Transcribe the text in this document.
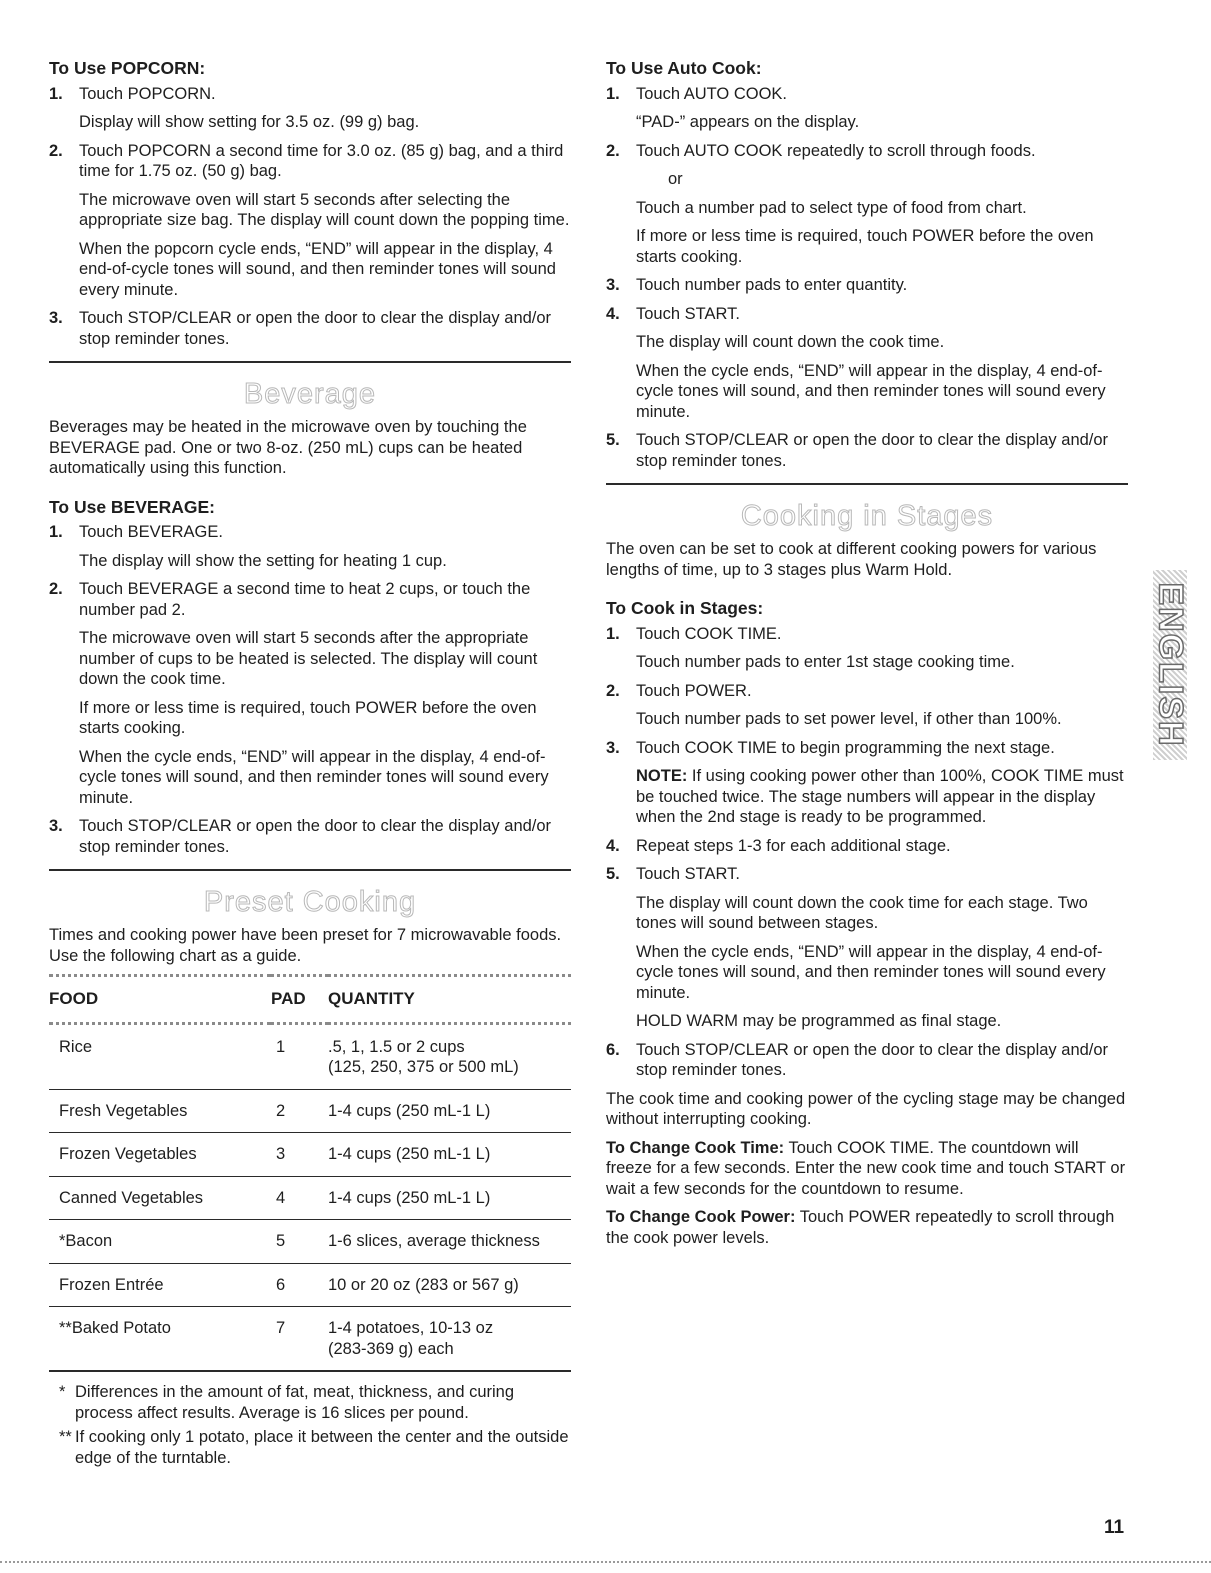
To Use POPCORN:
1. Touch POPCORN.

Display will show setting for 3.5 oz. (99 g) bag.

2. Touch POPCORN a second time for 3.0 oz. (85 g) bag, and a third time for 1.75 oz. (50 g) bag.

The microwave oven will start 5 seconds after selecting the appropriate size bag. The display will count down the popping time.

When the popcorn cycle ends, “END” will appear in the display, 4 end-of-cycle tones will sound, and then reminder tones will sound every minute.

3. Touch STOP/CLEAR or open the door to clear the display and/or stop reminder tones.

Beverage

Beverages may be heated in the microwave oven by touching the BEVERAGE pad. One or two 8-oz. (250 mL) cups can be heated automatically using this function.

To Use BEVERAGE:
1. Touch BEVERAGE.

The display will show the setting for heating 1 cup.

2. Touch BEVERAGE a second time to heat 2 cups, or touch the number pad 2.

The microwave oven will start 5 seconds after the appropriate number of cups to be heated is selected. The display will count down the cook time.

If more or less time is required, touch POWER before the oven starts cooking.

When the cycle ends, “END” will appear in the display, 4 end-of-cycle tones will sound, and then reminder tones will sound every minute.

3. Touch STOP/CLEAR or open the door to clear the display and/or stop reminder tones.

Preset Cooking

Times and cooking power have been preset for 7 microwavable foods. Use the following chart as a guide.

FOOD	PAD	QUANTITY
Rice	1	.5, 1, 1.5 or 2 cups
(125, 250, 375 or 500 mL)

Fresh Vegetables	2	1-4 cups (250 mL-1 L)
Frozen Vegetables	3	1-4 cups (250 mL-1 L)
Canned Vegetables	4	1-4 cups (250 mL-1 L)
*Bacon	5	1-6 slices, average thickness
Frozen Entrée	6	10 or 20 oz (283 or 567 g)
**Baked Potato	7	1-4 potatoes, 10-13 oz
(283-369 g) each

* Differences in the amount of fat, meat, thickness, and curing process affect results. Average is 16 slices per pound.

** If cooking only 1 potato, place it between the center and the outside edge of the turntable.

To Use Auto Cook:
1. Touch AUTO COOK.

“PAD-” appears on the display.

2. Touch AUTO COOK repeatedly to scroll through foods.

or

Touch a number pad to select type of food from chart.

If more or less time is required, touch POWER before the oven starts cooking.

3. Touch number pads to enter quantity.

4. Touch START.

The display will count down the cook time.

When the cycle ends, “END” will appear in the display, 4 end-of-cycle tones will sound, and then reminder tones will sound every minute.

5. Touch STOP/CLEAR or open the door to clear the display and/or stop reminder tones.

Cooking in Stages

The oven can be set to cook at different cooking powers for various lengths of time, up to 3 stages plus Warm Hold.

To Cook in Stages:
1. Touch COOK TIME.

Touch number pads to enter 1st stage cooking time.

2. Touch POWER.

Touch number pads to set power level, if other than 100%.

3. Touch COOK TIME to begin programming the next stage.

NOTE: If using cooking power other than 100%, COOK TIME must be touched twice. The stage numbers will appear in the display when the 2nd stage is ready to be programmed.

4. Repeat steps 1-3 for each additional stage.

5. Touch START.

The display will count down the cook time for each stage. Two tones will sound between stages.

When the cycle ends, “END” will appear in the display, 4 end-of-cycle tones will sound, and then reminder tones will sound every minute.

HOLD WARM may be programmed as final stage.

6. Touch STOP/CLEAR or open the door to clear the display and/or stop reminder tones.

The cook time and cooking power of the cycling stage may be changed without interrupting cooking.

To Change Cook Time: Touch COOK TIME. The countdown will freeze for a few seconds. Enter the new cook time and touch START or wait a few seconds for the countdown to resume.

To Change Cook Power: Touch POWER repeatedly to scroll through the cook power levels.

ENGLISH
11
